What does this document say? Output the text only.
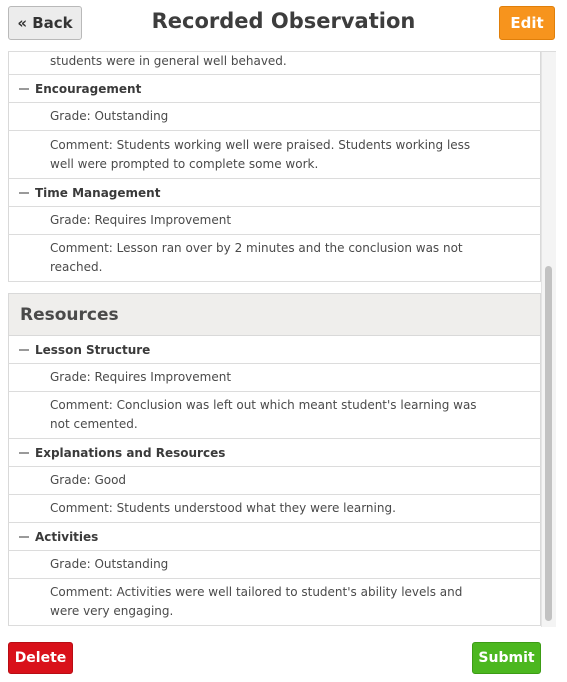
« Back	Recorded Observation	Edit
students were in general well behaved.
Encouragement
Grade: Outstanding
Comment: Students working well were praised. Students working less well were prompted to complete some work.
Time Management
Grade: Requires Improvement
Comment: Lesson ran over by 2 minutes and the conclusion was not reached.
Resources
Lesson Structure
Grade: Requires Improvement
Comment: Conclusion was left out which meant student's learning was not cemented.
Explanations and Resources
Grade: Good
Comment: Students understood what they were learning.
Activities
Grade: Outstanding
Comment: Activities were well tailored to student's ability levels and were very engaging.
Delete	Submit
